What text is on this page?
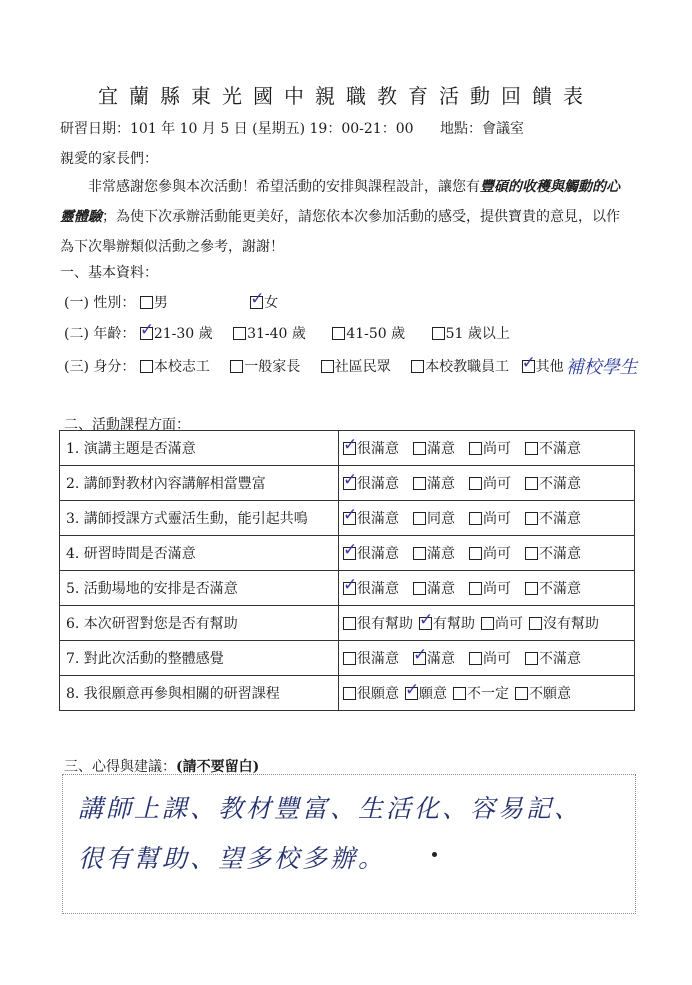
宜蘭縣東光國中親職教育活動回饋表
研習日期：101 年 10 月 5 日 (星期五) 19：00-21：00 地點：會議室
親愛的家長們：
非常感謝您參與本次活動！希望活動的安排與課程設計，讓您有豐碩的收穫與觸動的心靈體驗；為使下次承辦活動能更美好，請您依本次參加活動的感受，提供寶貴的意見，以作為下次舉辦類似活動之參考，謝謝！
一、基本資料：
(一) 性別： 男 ✓	女
(二) 年齡： ✓ 21-30 歲 31-40 歲	41-50 歲	51 歲以上
(三) 身分： 本校志工 一般家長 社區民眾 本校教職員工 ✓ 其他 補校學生
二、活動課程方面：
1. 演講主題是否滿意	✓很滿意 滿意 尚可 不滿意
2. 講師對教材內容講解相當豐富	✓很滿意 滿意 尚可 不滿意
3. 講師授課方式靈活生動，能引起共鳴	✓很滿意 同意 尚可 不滿意
4. 研習時間是否滿意	✓很滿意 滿意 尚可 不滿意
5. 活動場地的安排是否滿意	✓很滿意 滿意 尚可 不滿意
6. 本次研習對您是否有幫助	很有幫助 ✓ 有幫助 尚可 沒有幫助
7. 對此次活動的整體感覺	很滿意 ✓ 滿意 尚可 不滿意
8. 我很願意再參與相關的研習課程	很願意 ✓ 願意 不一定 不願意
三、心得與建議：(請不要留白)
講師上課、教材豐富、生活化、容易記、
很有幫助、望多校多辦。
